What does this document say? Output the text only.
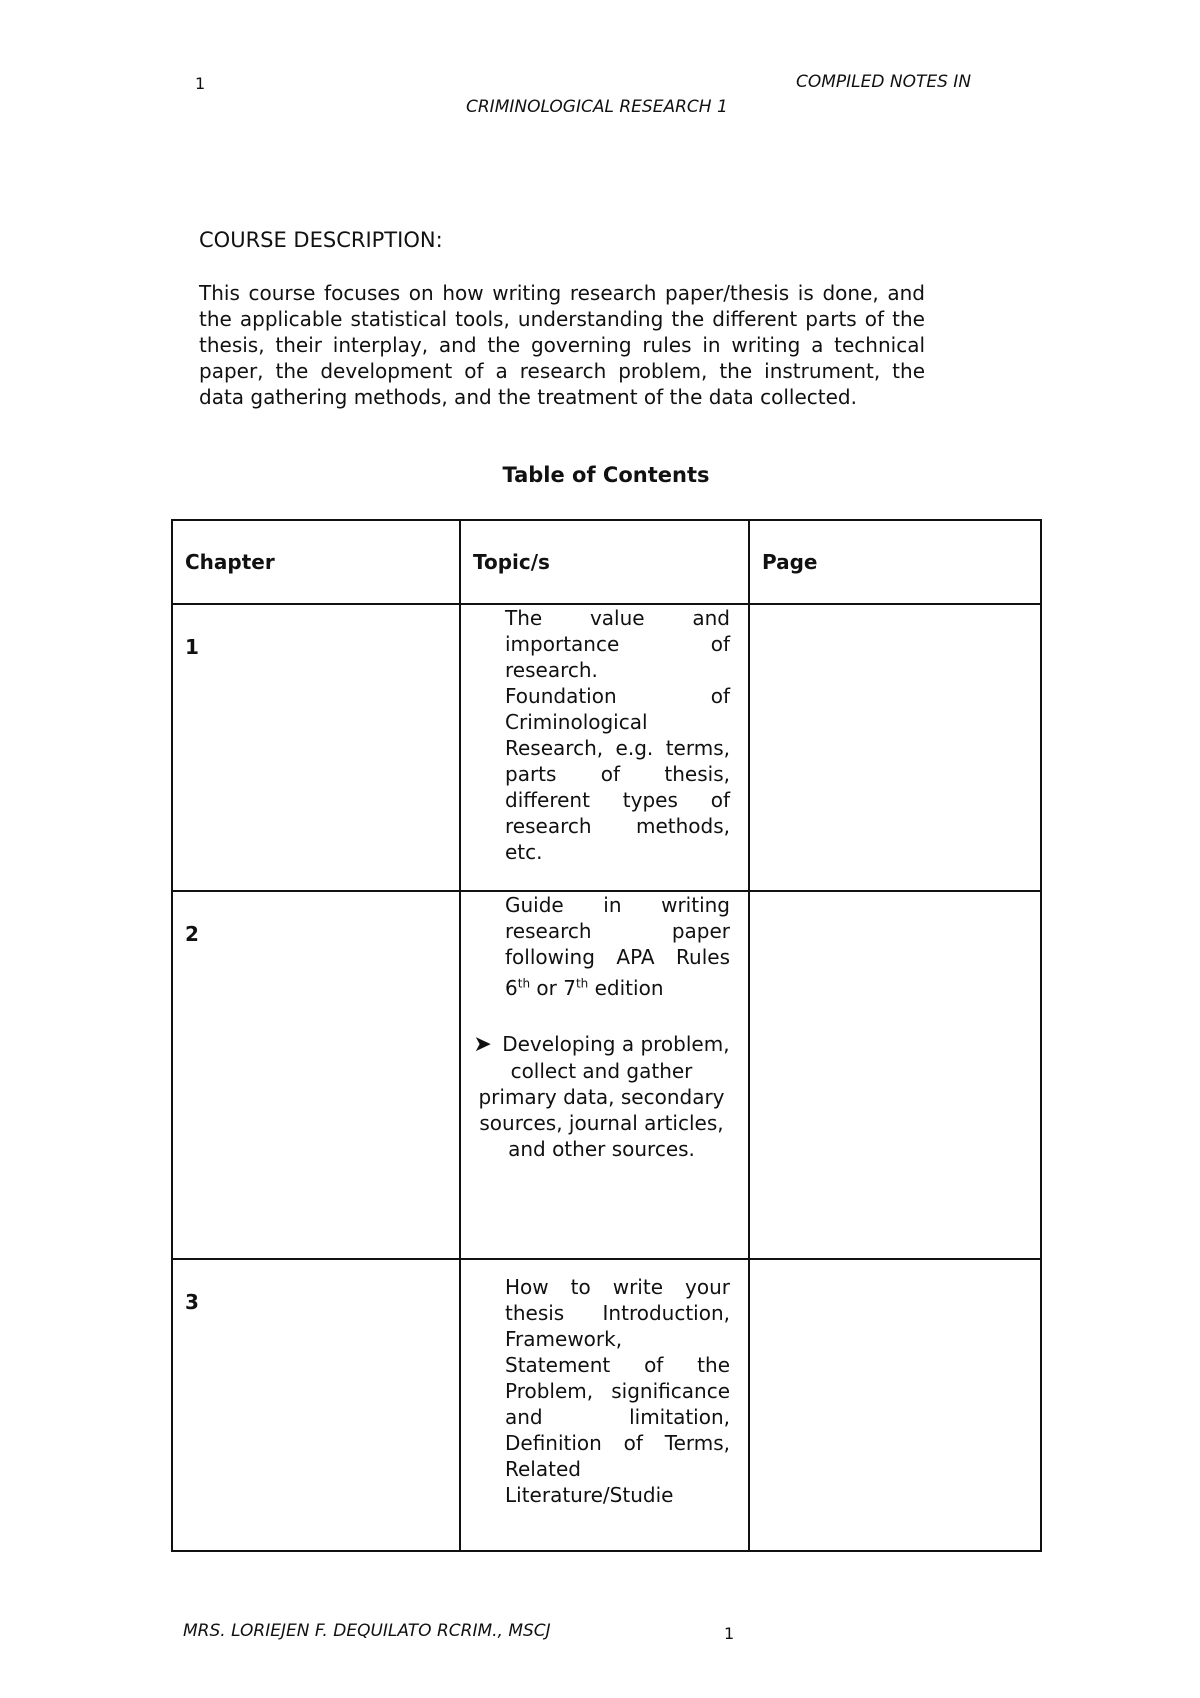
1	COMPILED NOTES IN
CRIMINOLOGICAL RESEARCH 1
COURSE DESCRIPTION:
This course focuses on how writing research paper/thesis is done, and the applicable statistical tools, understanding the different parts of the thesis, their interplay, and the governing rules in writing a technical paper, the development of a research problem, the instrument, the data gathering methods, and the treatment of the data collected.
Table of Contents
Chapter	Topic/s	Page

1	The value and importance of research.
Foundation of Criminological Research, e.g. terms, parts of thesis, different types of research methods, etc.	

2	Guide in writing research paper following APA Rules 6th or 7th edition
➤ Developing a problem, collect and gather primary data, secondary sources, journal articles, and other sources.	

3	How to write your thesis Introduction, Framework, Statement of the Problem, significance and limitation, Definition of Terms, Related Literature/Studie	

MRS. LORIEJEN F. DEQUILATO RCRIM., MSCJ	1
